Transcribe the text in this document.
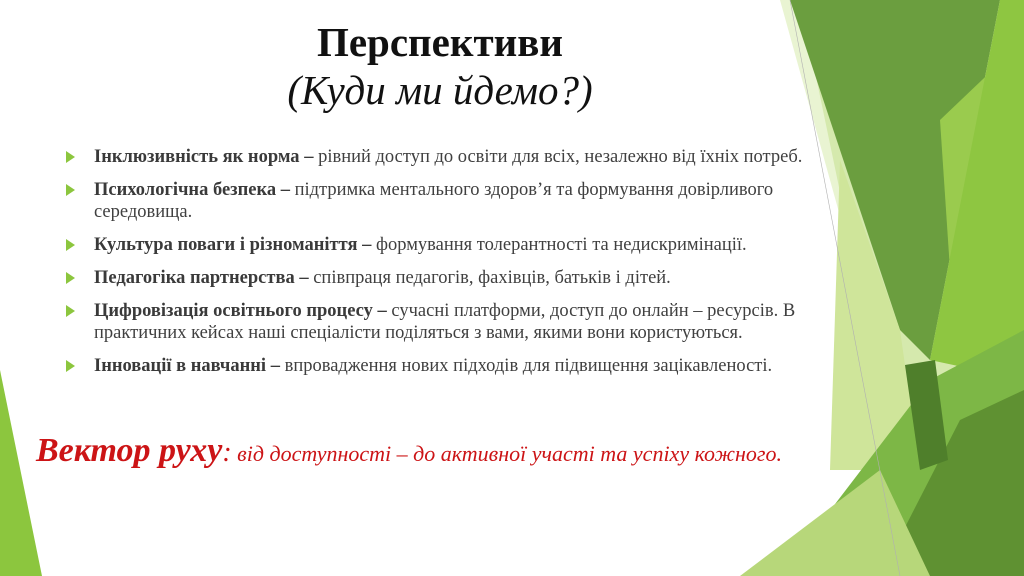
Перспективи
(Куди ми йдемо?)
Інклюзивність як норма – рівний доступ до освіти для всіх, незалежно від їхніх потреб.
Психологічна безпека – підтримка ментального здоров’я та формування довірливого середовища.
Культура поваги і різноманіття – формування толерантності та недискримінації.
Педагогіка партнерства – співпраця педагогів, фахівців, батьків і дітей.
Цифровізація освітнього процесу – сучасні платформи, доступ до онлайн – ресурсів. В практичних кейсах наші спеціалісти поділяться з вами, якими вони користуються.
Інновації в навчанні – впровадження нових підходів для підвищення зацікавленості.
Вектор руху: від доступності – до активної участі та успіху кожного.
